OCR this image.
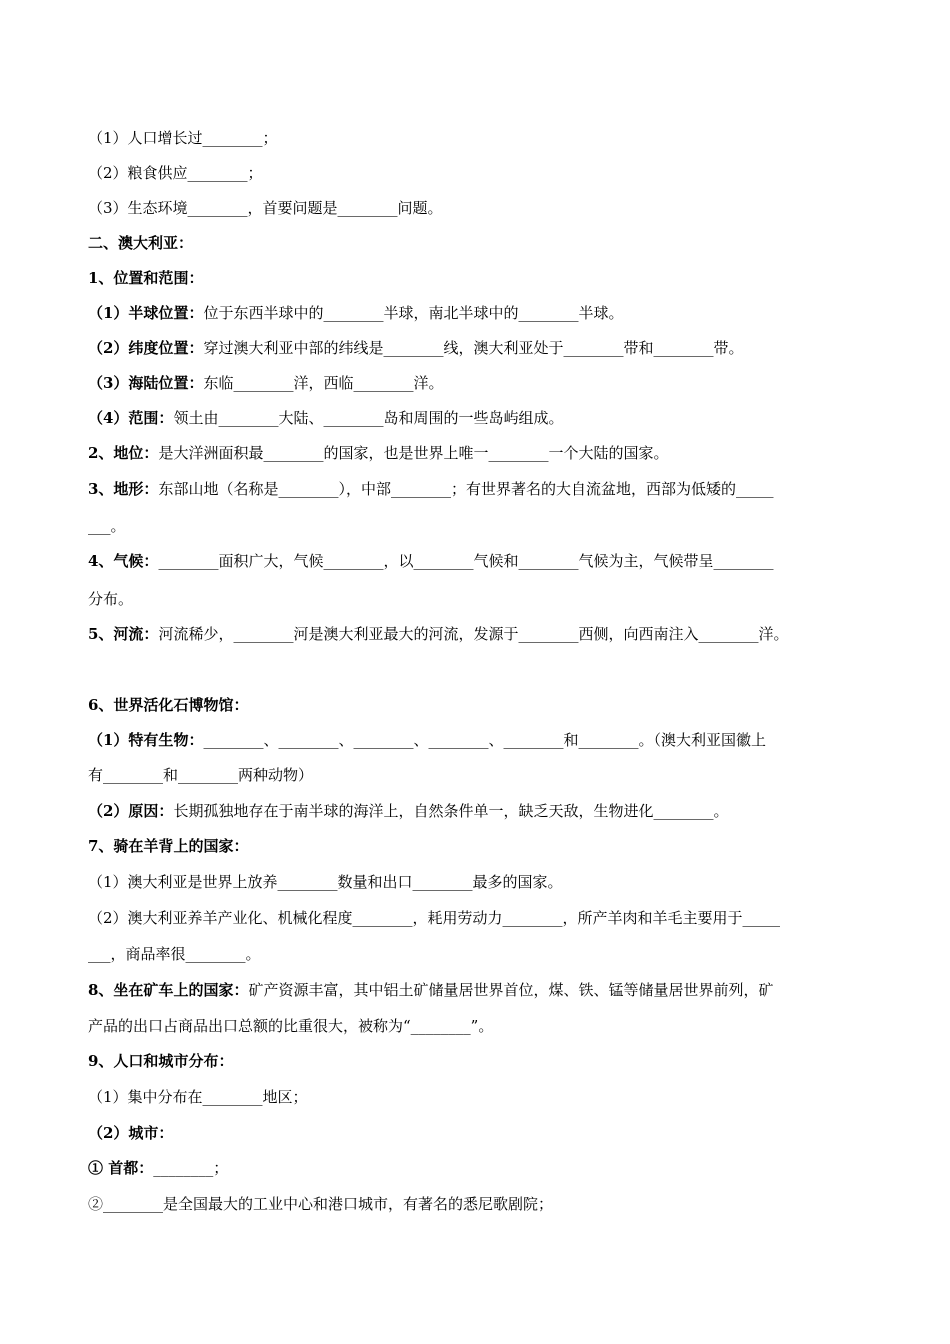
（1）人口增长过________；
（2）粮食供应________；
（3）生态环境________，首要问题是________问题。
二、澳大利亚：
1、位置和范围：
（1）半球位置：位于东西半球中的________半球，南北半球中的________半球。
（2）纬度位置：穿过澳大利亚中部的纬线是________线，澳大利亚处于________带和________带。
（3）海陆位置：东临________洋，西临________洋。
（4）范围：领土由________大陆、________岛和周围的一些岛屿组成。
2、地位：是大洋洲面积最________的国家，也是世界上唯一________一个大陆的国家。
3、地形：东部山地（名称是________），中部________；有世界著名的大自流盆地，西部为低矮的_____
___。
4、气候：________面积广大，气候________，以________气候和________气候为主，气候带呈________
分布。
5、河流：河流稀少，________河是澳大利亚最大的河流，发源于________西侧，向西南注入________洋。
6、世界活化石博物馆：
（1）特有生物：________、________、________、________、________和________。（澳大利亚国徽上
有________和________两种动物）
（2）原因：长期孤独地存在于南半球的海洋上，自然条件单一，缺乏天敌，生物进化________。
7、骑在羊背上的国家：
（1）澳大利亚是世界上放养________数量和出口________最多的国家。
（2）澳大利亚养羊产业化、机械化程度________，耗用劳动力________，所产羊肉和羊毛主要用于_____
___，商品率很________。
8、坐在矿车上的国家：矿产资源丰富，其中铝土矿储量居世界首位，煤、铁、锰等储量居世界前列，矿
产品的出口占商品出口总额的比重很大，被称为“________”。
9、人口和城市分布：
（1）集中分布在________地区；
（2）城市：
① 首都：________；
②________是全国最大的工业中心和港口城市，有著名的悉尼歌剧院；
